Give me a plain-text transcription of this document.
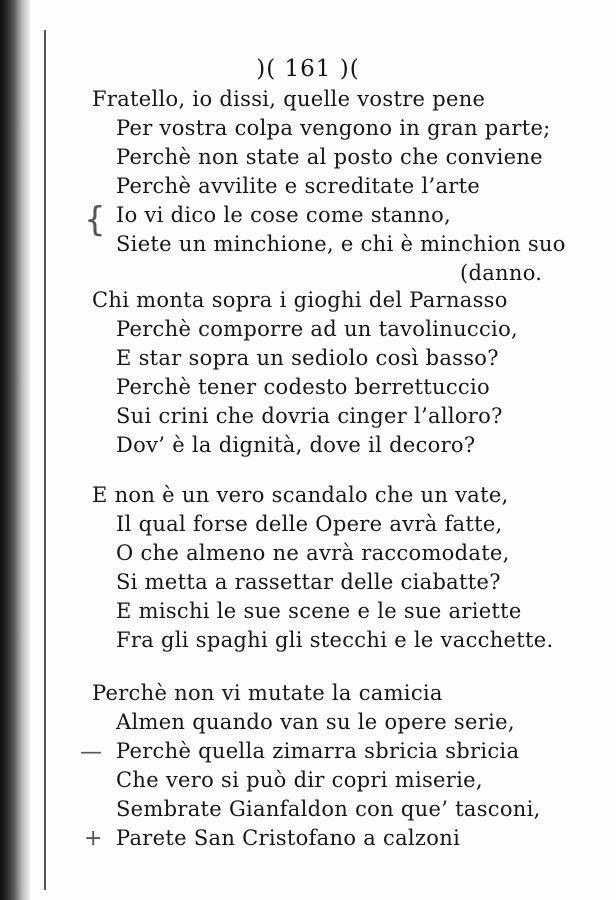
)( 161 )(
Fratello, io dissi, quelle vostre pene
Per vostra colpa vengono in gran parte;
Perchè non state al posto che conviene
Perchè avvilite e screditate l’arte
Io vi dico le cose come stanno,
Siete un minchione, e chi è minchion suo
(danno.
Chi monta sopra i gioghi del Parnasso
Perchè comporre ad un tavolinuccio,
E star sopra un sediolo così basso?
Perchè tener codesto berrettuccio
Sui crini che dovria cinger l’alloro?
Dov’ è la dignità, dove il decoro?
E non è un vero scandalo che un vate,
Il qual forse delle Opere avrà fatte,
O che almeno ne avrà raccomodate,
Si metta a rassettar delle ciabatte?
E mischi le sue scene e le sue ariette
Fra gli spaghi gli stecchi e le vacchette.
Perchè non vi mutate la camicia
Almen quando van su le opere serie,
Perchè quella zimarra sbricia sbricia
Che vero si può dir copri miserie,
Sembrate Gianfaldon con que’ tasconi,
Parete San Cristofano a calzoni
{
—
+
